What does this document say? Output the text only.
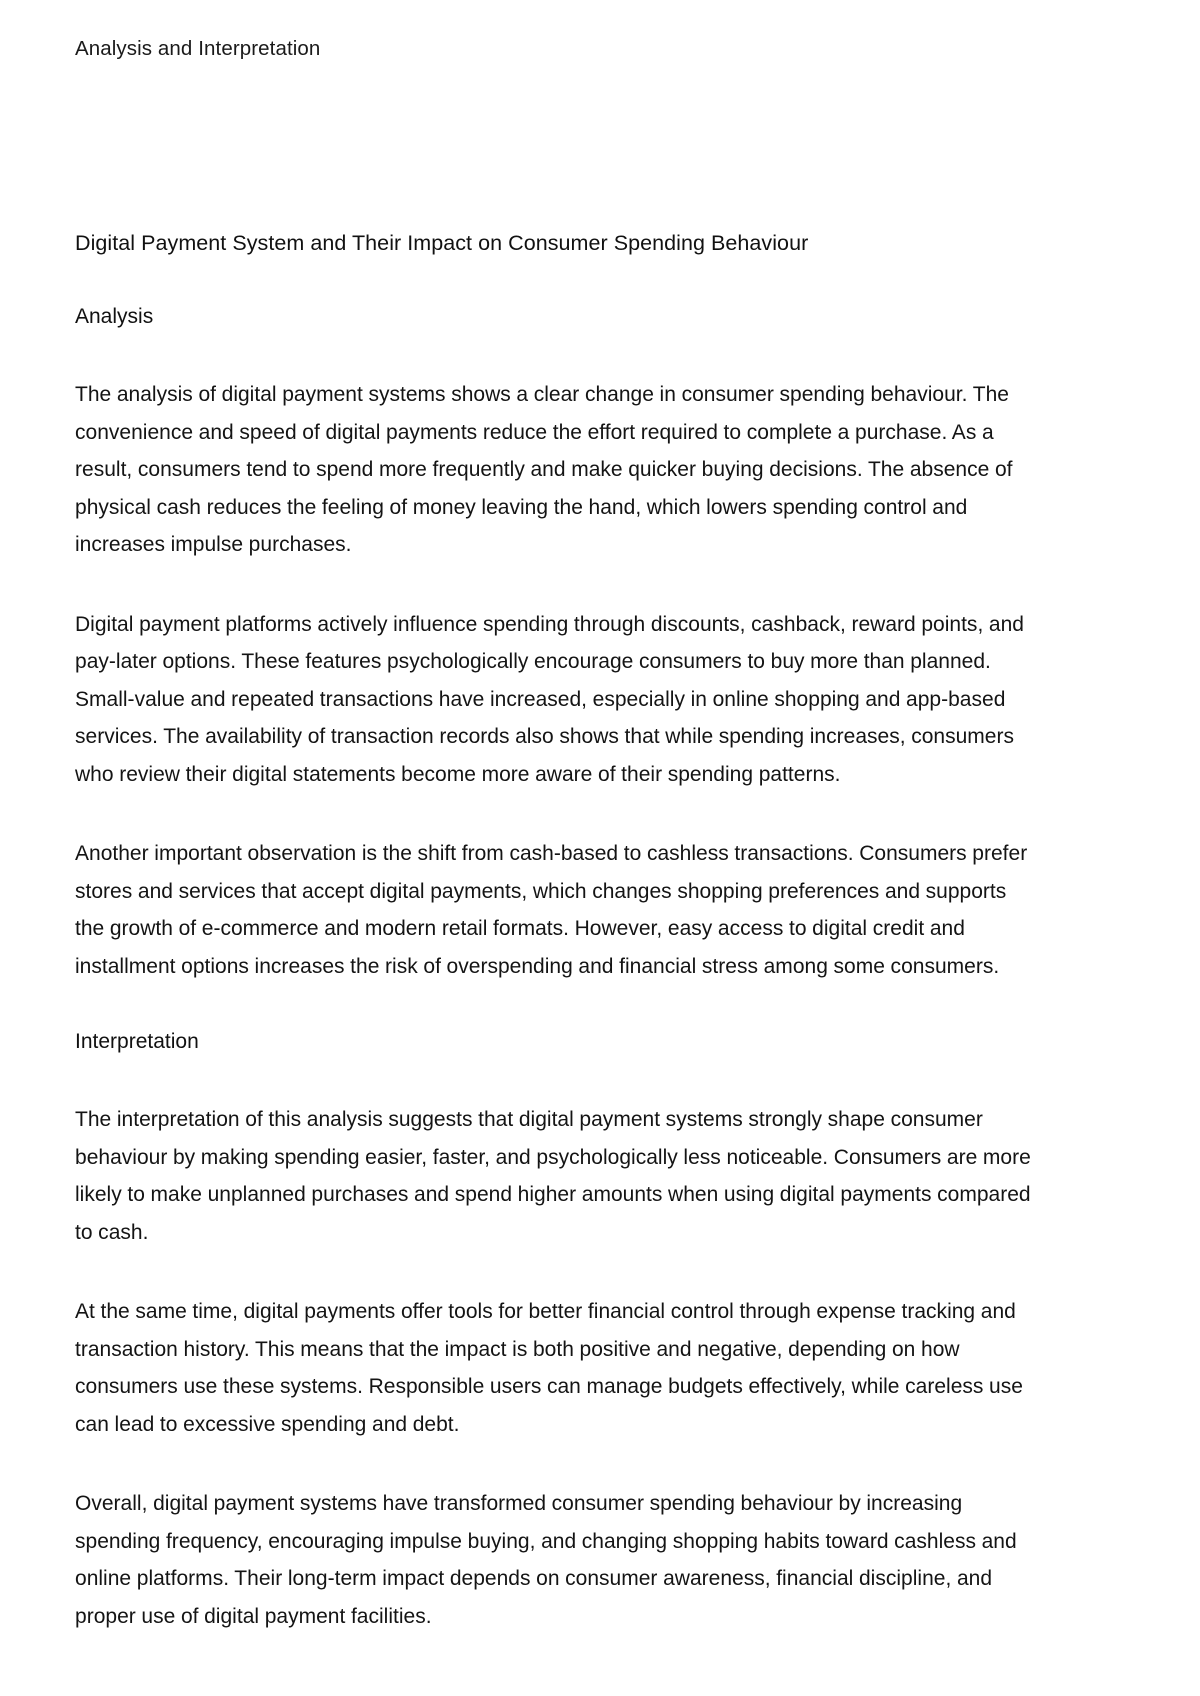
Analysis and Interpretation
Digital Payment System and Their Impact on Consumer Spending Behaviour
Analysis

The analysis of digital payment systems shows a clear change in consumer spending behaviour. The convenience and speed of digital payments reduce the effort required to complete a purchase. As a result, consumers tend to spend more frequently and make quicker buying decisions. The absence of physical cash reduces the feeling of money leaving the hand, which lowers spending control and increases impulse purchases.

Digital payment platforms actively influence spending through discounts, cashback, reward points, and pay-later options. These features psychologically encourage consumers to buy more than planned. Small-value and repeated transactions have increased, especially in online shopping and app-based services. The availability of transaction records also shows that while spending increases, consumers who review their digital statements become more aware of their spending patterns.

Another important observation is the shift from cash-based to cashless transactions. Consumers prefer stores and services that accept digital payments, which changes shopping preferences and supports the growth of e-commerce and modern retail formats. However, easy access to digital credit and installment options increases the risk of overspending and financial stress among some consumers.

Interpretation

The interpretation of this analysis suggests that digital payment systems strongly shape consumer behaviour by making spending easier, faster, and psychologically less noticeable. Consumers are more likely to make unplanned purchases and spend higher amounts when using digital payments compared to cash.

At the same time, digital payments offer tools for better financial control through expense tracking and transaction history. This means that the impact is both positive and negative, depending on how consumers use these systems. Responsible users can manage budgets effectively, while careless use can lead to excessive spending and debt.

Overall, digital payment systems have transformed consumer spending behaviour by increasing spending frequency, encouraging impulse buying, and changing shopping habits toward cashless and online platforms. Their long-term impact depends on consumer awareness, financial discipline, and proper use of digital payment facilities.
